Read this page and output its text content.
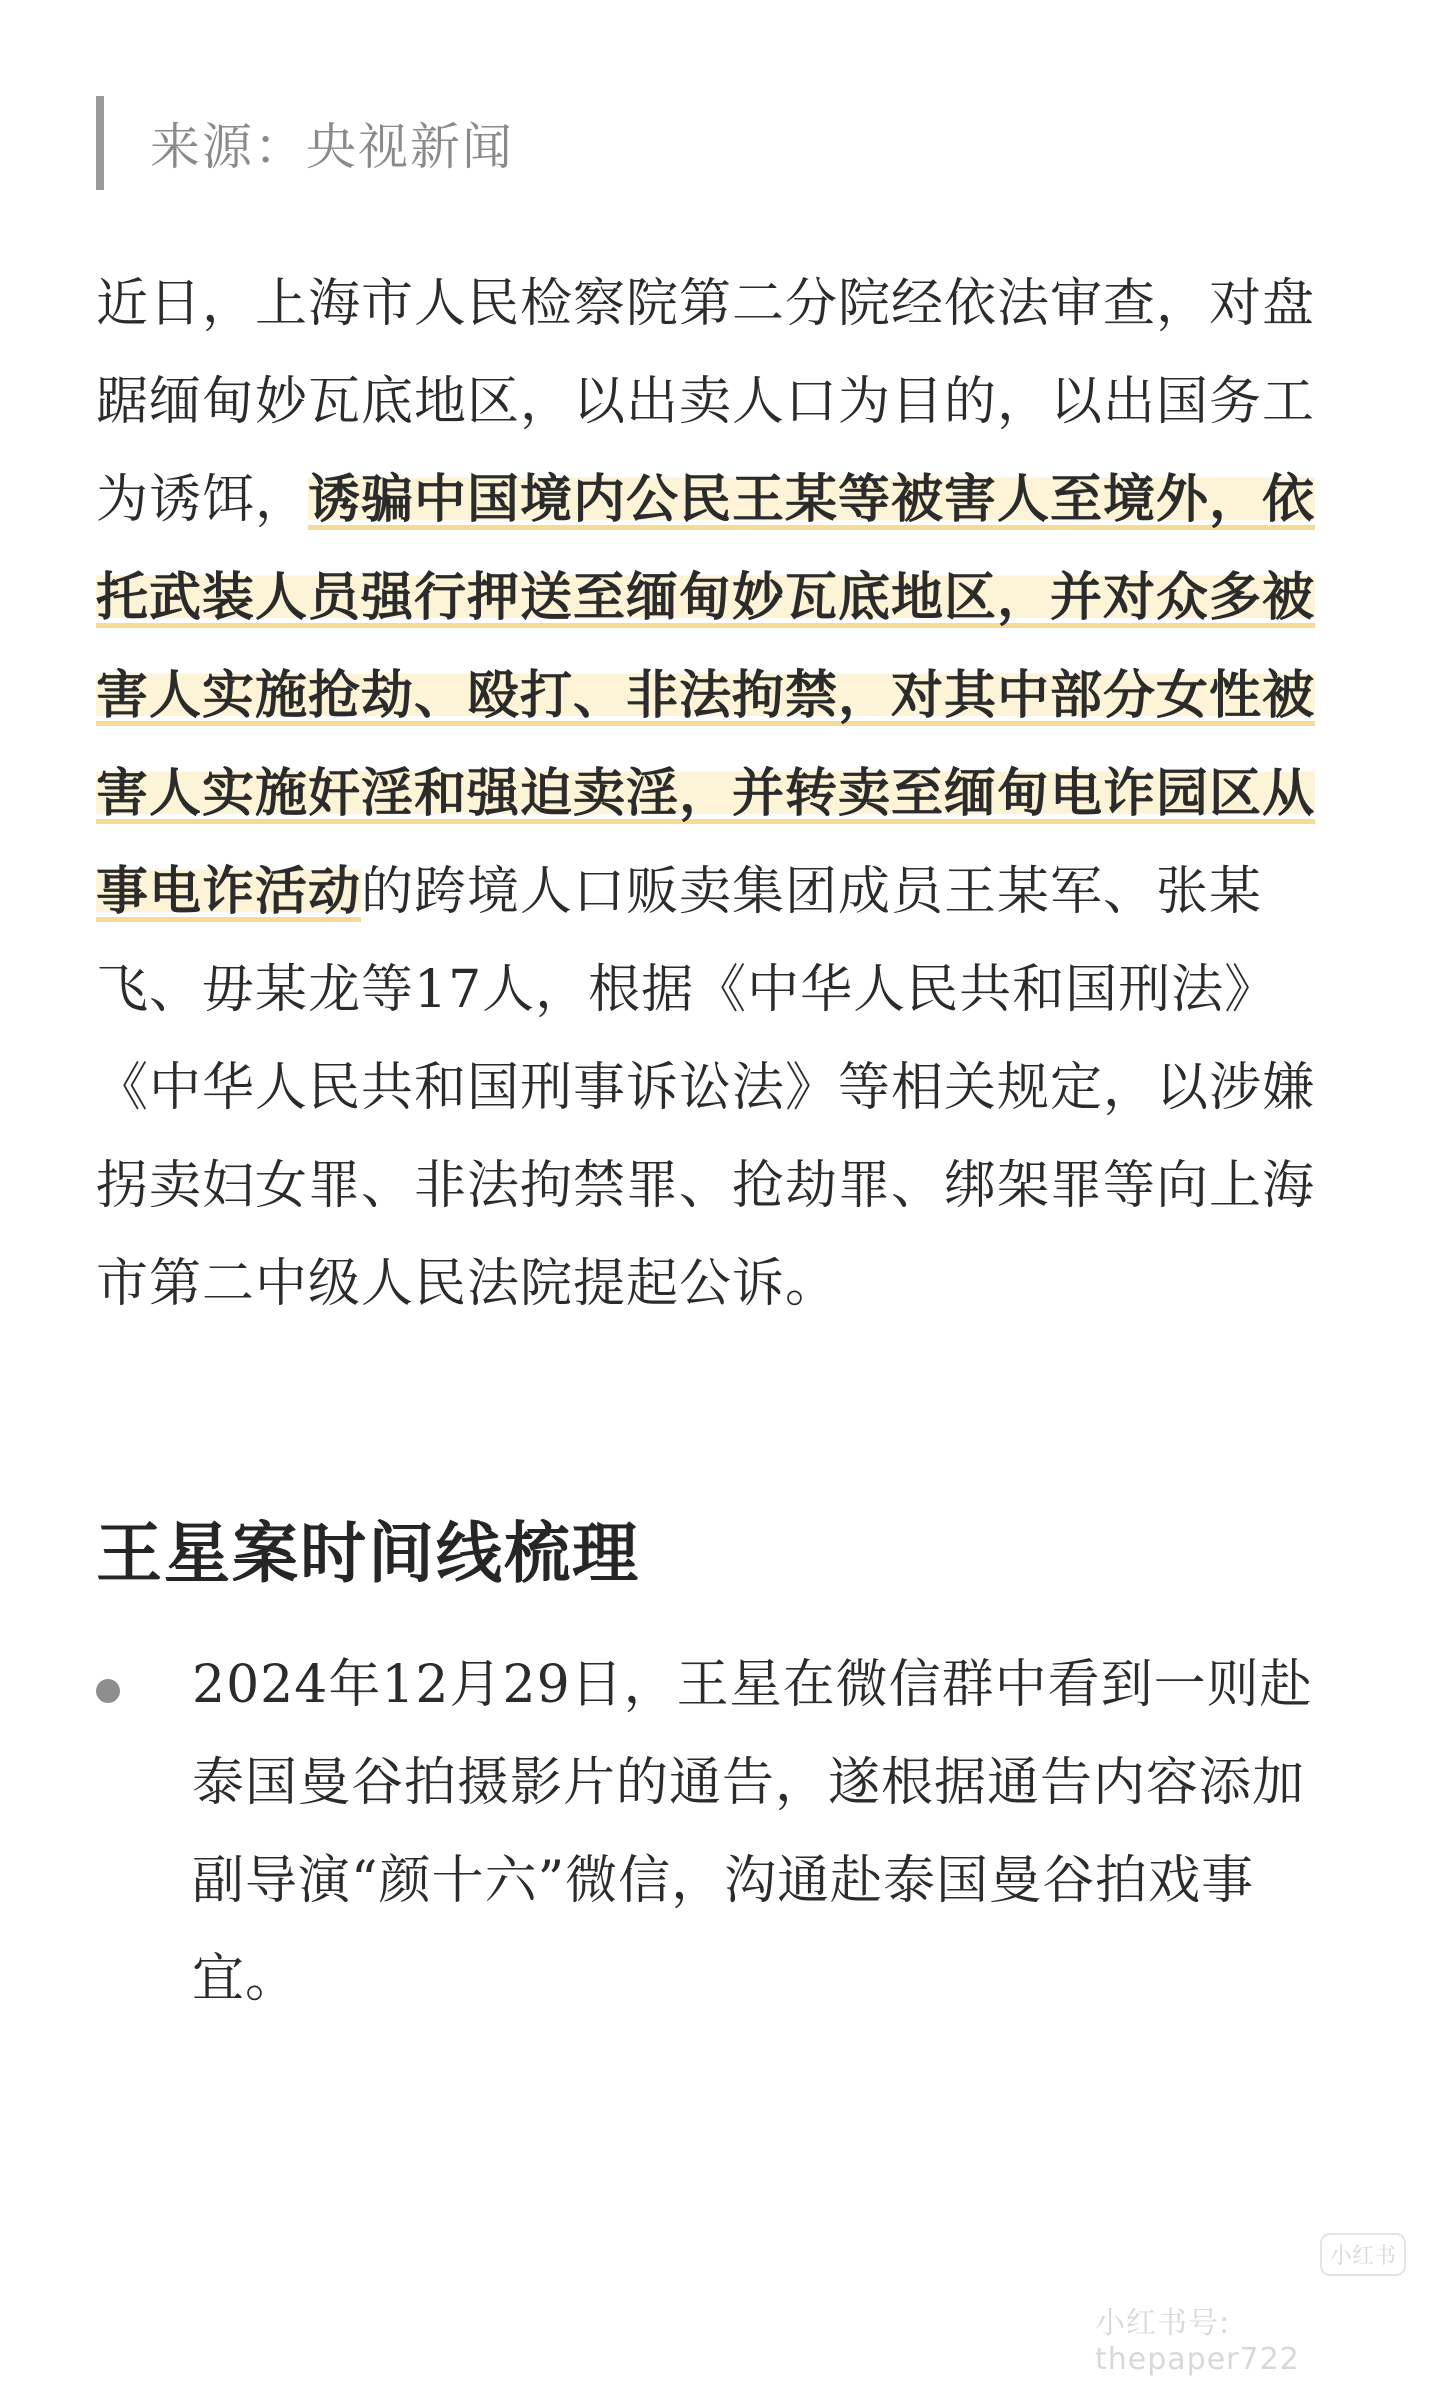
来源：央视新闻

近日，上海市人民检察院第二分院经依法审查，对盘踞缅甸妙瓦底地区，以出卖人口为目的，以出国务工为诱饵，诱骗中国境内公民王某等被害人至境外，依托武装人员强行押送至缅甸妙瓦底地区，并对众多被害人实施抢劫、殴打、非法拘禁，对其中部分女性被害人实施奸淫和强迫卖淫，并转卖至缅甸电诈园区从事电诈活动的跨境人口贩卖集团成员王某军、张某飞、毋某龙等17人，根据《中华人民共和国刑法》《中华人民共和国刑事诉讼法》等相关规定，以涉嫌拐卖妇女罪、非法拘禁罪、抢劫罪、绑架罪等向上海市第二中级人民法院提起公诉。

王星案时间线梳理

2024年12月29日，王星在微信群中看到一则赴泰国曼谷拍摄影片的通告，遂根据通告内容添加副导演“颜十六”微信，沟通赴泰国曼谷拍戏事宜。

小红书
小红书号: thepaper722
